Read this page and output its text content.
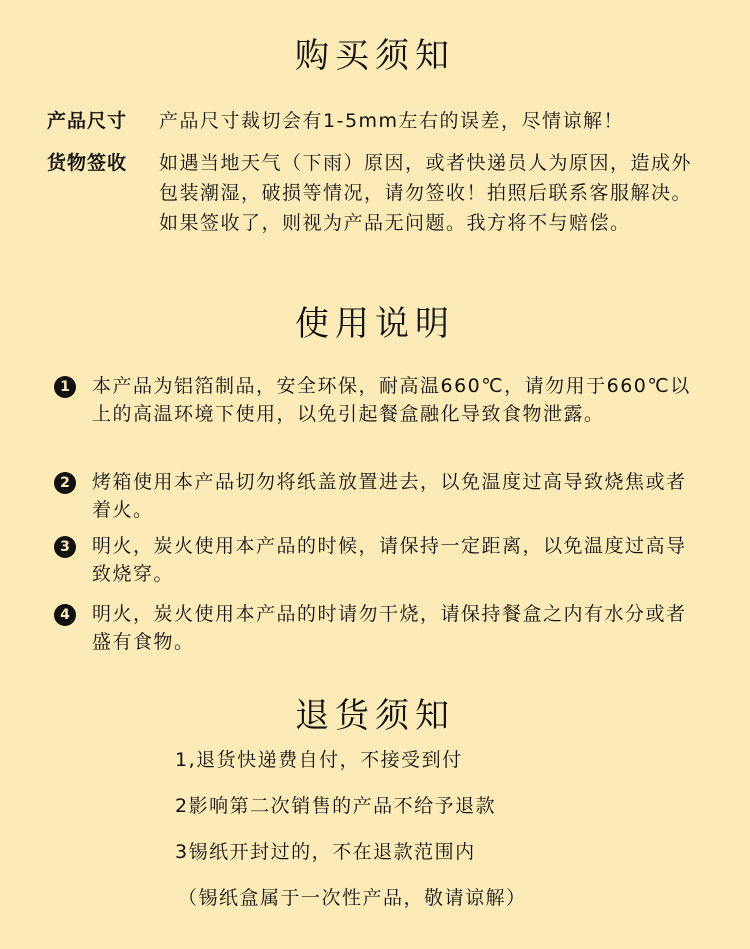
购买须知
产品尺寸	产品尺寸裁切会有1-5mm左右的误差，尽情谅解！
货物签收	如遇当地天气（下雨）原因，或者快递员人为原因，造成外包装潮湿，破损等情况，请勿签收！拍照后联系客服解决。如果签收了，则视为产品无问题。我方将不与赔偿。
使用说明
1	本产品为铝箔制品，安全环保，耐高温660℃，请勿用于660℃以上的高温环境下使用，以免引起餐盒融化导致食物泄露。
2	烤箱使用本产品切勿将纸盖放置进去，以免温度过高导致烧焦或者着火。
3	明火，炭火使用本产品的时候，请保持一定距离，以免温度过高导致烧穿。
4	明火，炭火使用本产品的时请勿干烧，请保持餐盒之内有水分或者盛有食物。
退货须知
1,退货快递费自付，不接受到付
2影响第二次销售的产品不给予退款
3锡纸开封过的，不在退款范围内
（锡纸盒属于一次性产品，敬请谅解）
